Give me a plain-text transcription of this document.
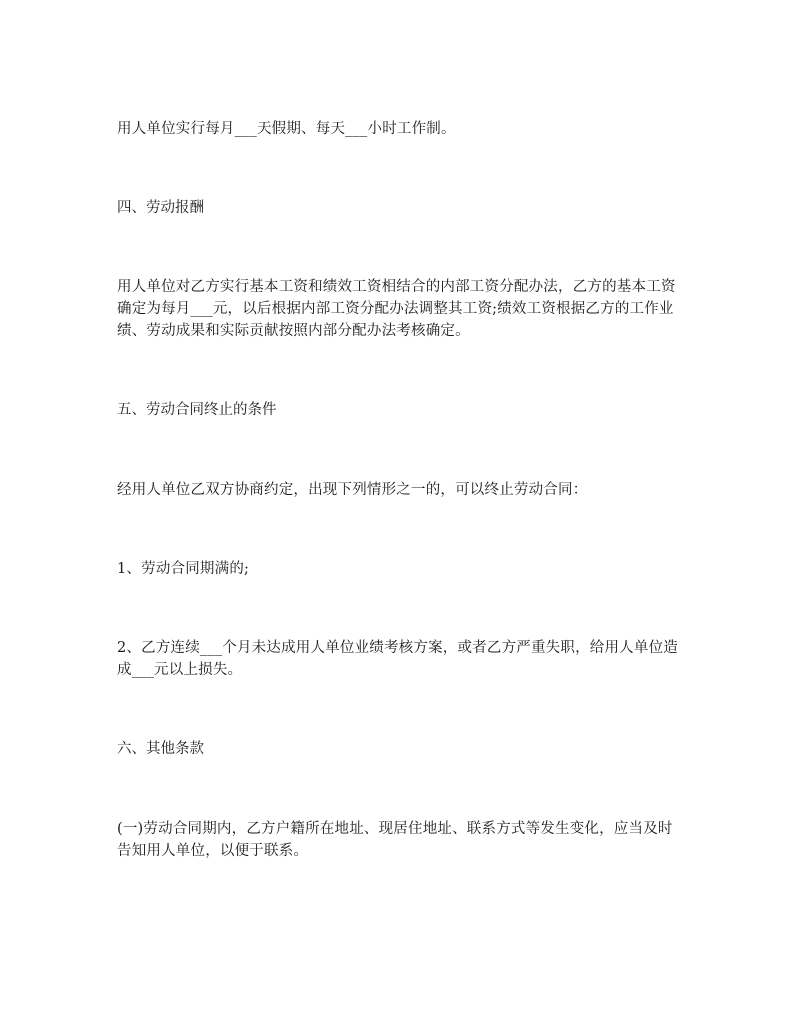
用人单位实行每月___天假期、每天___小时工作制。

四、劳动报酬

用人单位对乙方实行基本工资和绩效工资相结合的内部工资分配办法，乙方的基本工资确定为每月___元，以后根据内部工资分配办法调整其工资;绩效工资根据乙方的工作业绩、劳动成果和实际贡献按照内部分配办法考核确定。

五、劳动合同终止的条件

经用人单位乙双方协商约定，出现下列情形之一的，可以终止劳动合同：

1、劳动合同期满的;

2、乙方连续___个月未达成用人单位业绩考核方案，或者乙方严重失职，给用人单位造成___元以上损失。

六、其他条款

(一)劳动合同期内，乙方户籍所在地址、现居住地址、联系方式等发生变化，应当及时告知用人单位，以便于联系。
